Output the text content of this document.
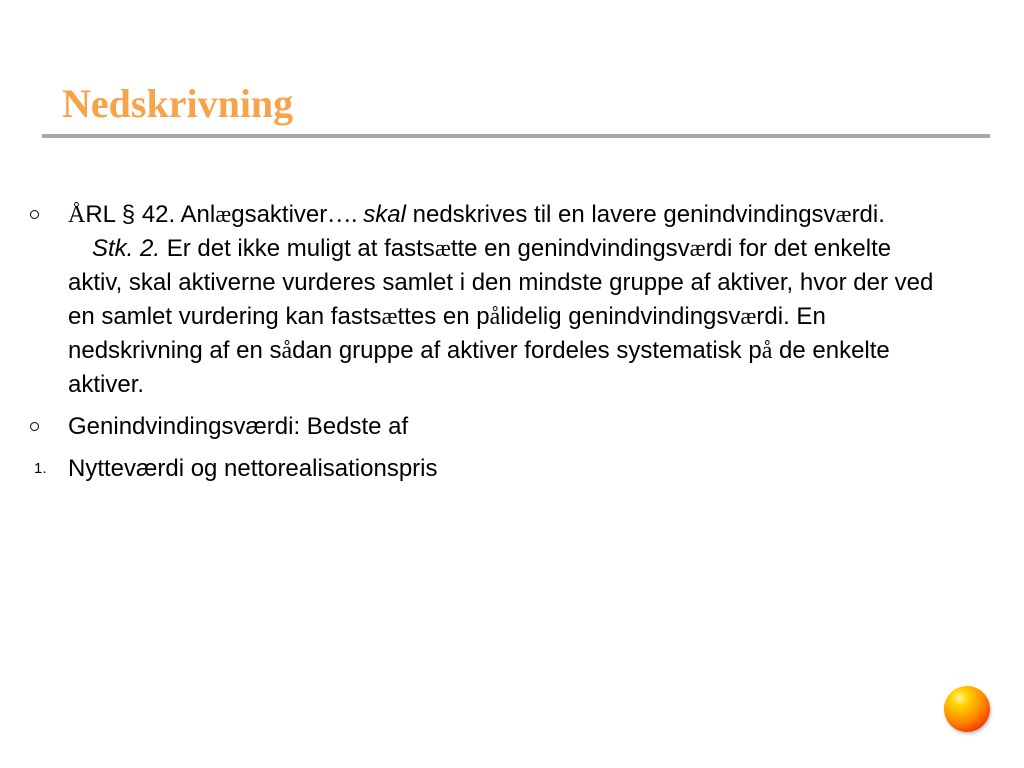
Nedskrivning
ÅRL § 42. Anlægsaktiver…. skal nedskrives til en lavere genindvindingsværdi.
Stk. 2. Er det ikke muligt at fastsætte en genindvindingsværdi for det enkelte aktiv, skal aktiverne vurderes samlet i den mindste gruppe af aktiver, hvor der ved en samlet vurdering kan fastsættes en pålidelig genindvindingsværdi. En nedskrivning af en sådan gruppe af aktiver fordeles systematisk på de enkelte aktiver.
Genindvindingsværdi: Bedste af
1. Nytteværdi og nettorealisationspris
